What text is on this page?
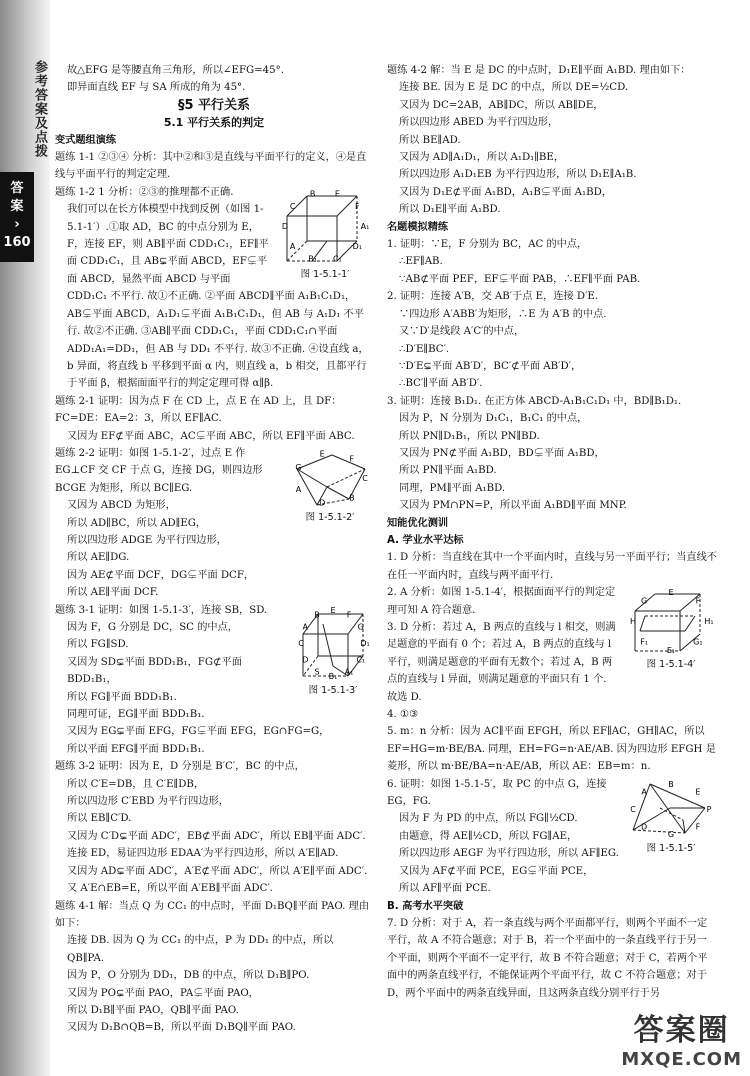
参考答案及点拨
答
案
›
160

故△EFG 是等腰直角三角形，所以∠EFG=45°.

即异面直线 EF 与 SA 所成的角为 45°.

§5 平行关系

5.1 平行关系的判定

变式题组演练

题练 1-1 ②③④ 分析：其中②和③是直线与平面平行的定义，④是直线与平面平行的判定定理.

A₁
D₁
C₁
B₁
A
D
C
B E
F
图 1-5.1-1′

题练 1-2 1 分析：②③的推理都不正确.

我们可以在长方体模型中找到反例（如图 1-5.1-1′）.①取 AD，BC 的中点分别为 E，F，连接 EF，则 AB∥平面 CDD₁C₁，EF∥平面 CDD₁C₁，且 AB⊊平面 ABCD，EF⊊平面 ABCD，显然平面 ABCD 与平面 CDD₁C₁ 不平行. 故①不正确. ②平面 ABCD∥平面 A₁B₁C₁D₁，AB⊊平面 ABCD，A₁D₁⊊平面 A₁B₁C₁D₁，但 AB 与 A₁D₁ 不平行. 故②不正确. ③AB∥平面 CDD₁C₁，平面 CDD₁C₁∩平面 ADD₁A₁=DD₁，但 AB 与 DD₁ 不平行. 故③不正确. ④设直线 a，b 异面，将直线 b 平移到平面 α 内，则直线 a，b 相交，且都平行于平面 β，根据面面平行的判定定理可得 α∥β.

题练 2-1 证明：因为点 F 在 CD 上，点 E 在 AD 上，且 DF：FC=DE：EA=2：3，所以 EF∥AC.

又因为 EF⊄平面 ABC，AC⊊平面 ABC，所以 EF∥平面 ABC.

C
B
D
A
G
E
F
图 1-5.1-2′

题练 2-2 证明：如图 1-5.1-2′，过点 E 作 EG⊥CF 交 CF 于点 G，连接 DG，则四边形 BCGE 为矩形，所以 BC∥EG.

又因为 ABCD 为矩形，

所以 AD∥BC，所以 AD∥EG，

所以四边形 ADGE 为平行四边形，

所以 AE∥DG.

因为 AE⊄平面 DCF，DG⊊平面 DCF，

所以 AE∥平面 DCF.

D₁
C₁
A₁
B₁
S
D
C
A
B E F
G
图 1-5.1-3′

题练 3-1 证明：如图 1-5.1-3′，连接 SB，SD.

因为 F，G 分别是 DC，SC 的中点，

所以 FG∥SD.

又因为 SD⊊平面 BDD₁B₁，FG⊄平面 BDD₁B₁，

所以 FG∥平面 BDD₁B₁.

同理可证，EG∥平面 BDD₁B₁.

又因为 EG⊊平面 EFG，FG⊊平面 EFG，EG∩FG=G，

所以平面 EFG∥平面 BDD₁B₁.

题练 3-2 证明：因为 E，D 分别是 B′C′，BC 的中点，

所以 C′E=DB，且 C′E∥DB，

所以四边形 C′EBD 为平行四边形，

所以 EB∥C′D.

又因为 C′D⊊平面 ADC′，EB⊄平面 ADC′，所以 EB∥平面 ADC′.

连接 ED，易证四边形 EDAA′为平行四边形，所以 A′E∥AD.

又因为 AD⊊平面 ADC′，A′E⊄平面 ADC′，所以 A′E∥平面 ADC′.

又 A′E∩EB=E，所以平面 A′EB∥平面 ADC′.

题练 4-1 解：当点 Q 为 CC₁ 的中点时，平面 D₁BQ∥平面 PAO. 理由如下：

连接 DB. 因为 Q 为 CC₁ 的中点，P 为 DD₁ 的中点，所以 QB∥PA.

因为 P，O 分别为 DD₁，DB 的中点，所以 D₁B∥PO.

又因为 PO⊊平面 PAO，PA⊊平面 PAO，

所以 D₁B∥平面 PAO，QB∥平面 PAO.

又因为 D₁B∩QB=B，所以平面 D₁BQ∥平面 PAO.

题练 4-2 解：当 E 是 DC 的中点时，D₁E∥平面 A₁BD. 理由如下：

连接 BE. 因为 E 是 DC 的中点，所以 DE=½CD.

又因为 DC=2AB，AB∥DC，所以 AB∥DE，

所以四边形 ABED 为平行四边形，

所以 BE∥AD.

又因为 AD∥A₁D₁，所以 A₁D₁∥BE，

所以四边形 A₁D₁EB 为平行四边形，所以 D₁E∥A₁B.

又因为 D₁E⊄平面 A₁BD，A₁B⊊平面 A₁BD，

所以 D₁E∥平面 A₁BD.

名题模拟精练

1. 证明：∵E，F 分别为 BC，AC 的中点，

∴EF∥AB.

∵AB⊄平面 PEF，EF⊊平面 PAB，∴EF∥平面 PAB.

2. 证明：连接 A′B，交 AB′于点 E，连接 D′E.

∵四边形 A′ABB′为矩形，∴E 为 A′B 的中点.

又∵D′是线段 A′C′的中点，

∴D′E∥BC′.

∵D′E⊊平面 AB′D′，BC′⊄平面 AB′D′，

∴BC′∥平面 AB′D′.

3. 证明：连接 B₁D₁. 在正方体 ABCD-A₁B₁C₁D₁ 中，BD∥B₁D₁.

因为 P，N 分别为 D₁C₁，B₁C₁ 的中点，

所以 PN∥D₁B₁，所以 PN∥BD.

又因为 PN⊄平面 A₁BD，BD⊊平面 A₁BD，

所以 PN∥平面 A₁BD.

同理，PM∥平面 A₁BD.

又因为 PM∩PN=P，所以平面 A₁BD∥平面 MNP.

知能优化测训

A. 学业水平达标

1. D 分析：当直线在其中一个平面内时，直线与另一平面平行；当直线不在任一平面内时，直线与两平面平行.

H₁
G₁
E₁
F₁
H
G
E
F
图 1-5.1-4′

2. A 分析：如图 1-5.1-4′，根据面面平行的判定定理可知 A 符合题意.

3. D 分析：若过 A，B 两点的直线与 l 相交，则满足题意的平面有 0 个；若过 A，B 两点的直线与 l 平行，则满足题意的平面有无数个；若过 A，B 两点的直线与 l 异面，则满足题意的平面只有 1 个. 故选 D.

4. ①③

5. m：n 分析：因为 AC∥平面 EFGH，所以 EF∥AC，GH∥AC，所以 EF=HG=m·BE/BA. 同理，EH=FG=n·AE/AB. 因为四边形 EFGH 是菱形，所以 m·BE/BA=n·AE/AB，所以 AE：EB=m：n.

P
F
G
D
C
A
B
E
图 1-5.1-5′

6. 证明：如图 1-5.1-5′，取 PC 的中点 G，连接 EG，FG.

因为 F 为 PD 的中点，所以 FG∥½CD.

由题意，得 AE∥½CD，所以 FG∥AE，

所以四边形 AEGF 为平行四边形，所以 AF∥EG.

又因为 AF⊄平面 PCE，EG⊊平面 PCE，

所以 AF∥平面 PCE.

B. 高考水平突破

7. D 分析：对于 A，若一条直线与两个平面都平行，则两个平面不一定平行，故 A 不符合题意；对于 B，若一个平面中的一条直线平行于另一个平面，则两个平面不一定平行，故 B 不符合题意；对于 C，若两个平面中的两条直线平行，不能保证两个平面平行，故 C 不符合题意；对于 D，两个平面中的两条直线异面，且这两条直线分别平行于另

答案圈
MXQE.COM
